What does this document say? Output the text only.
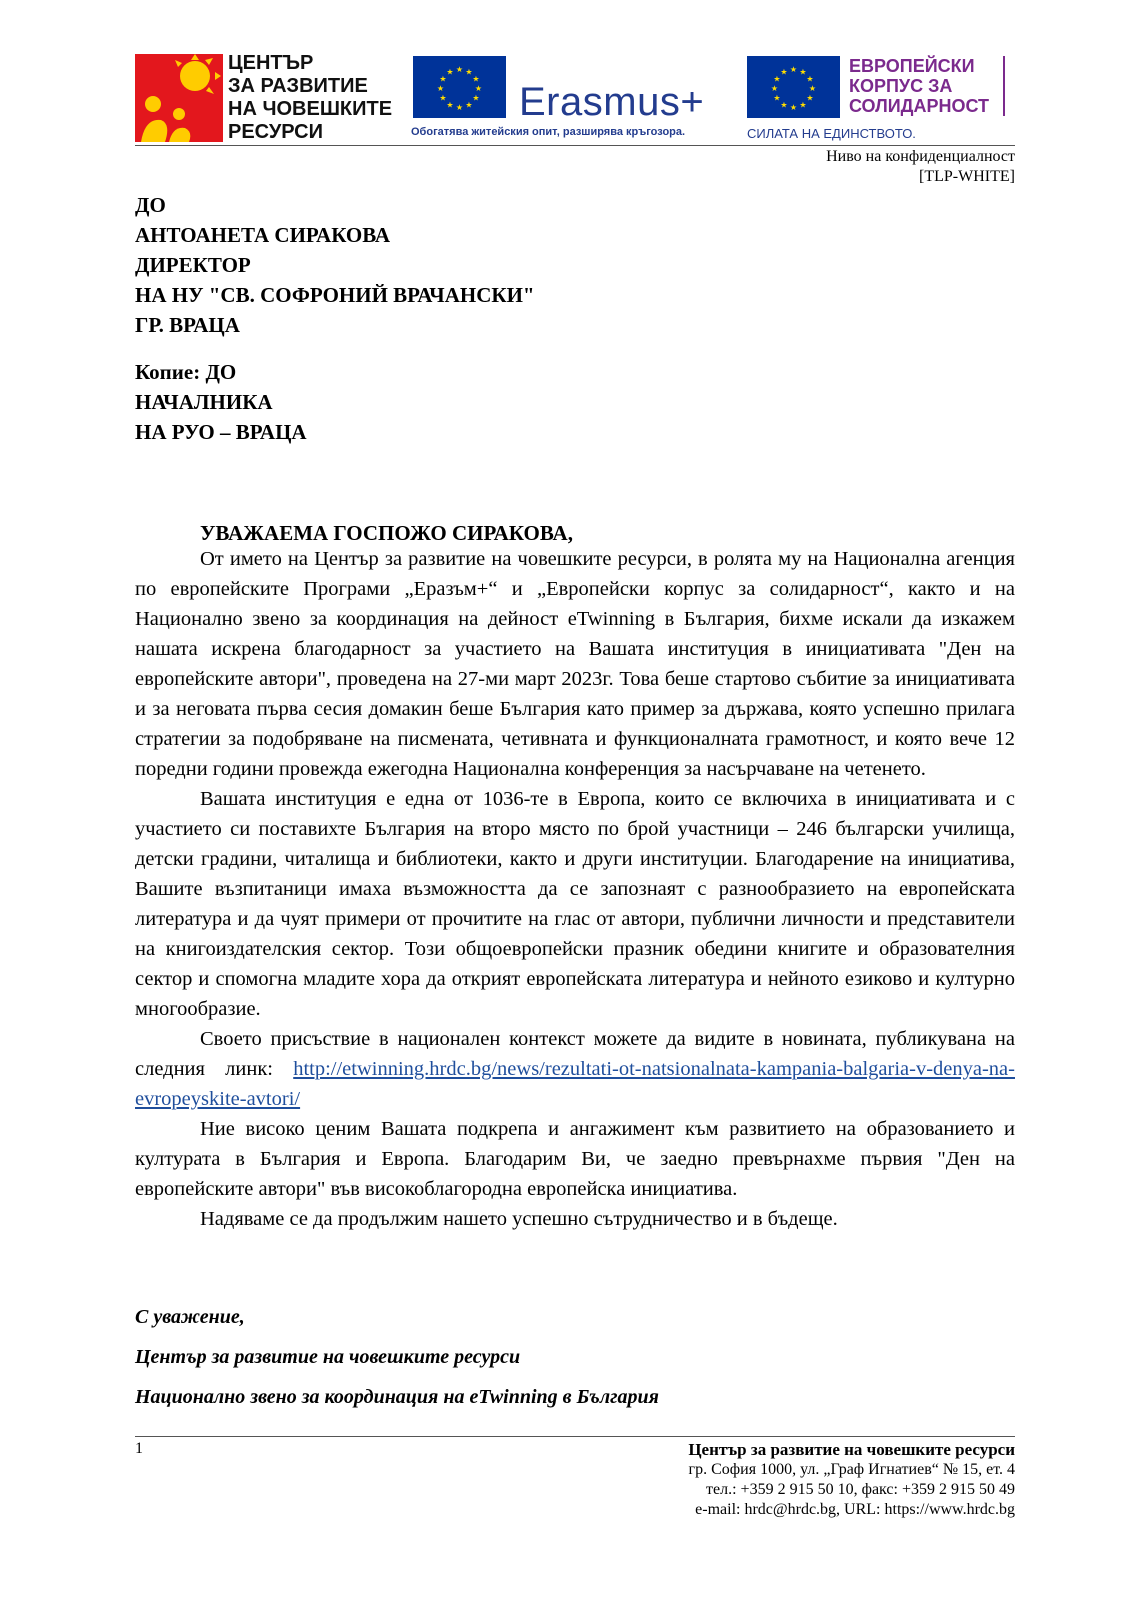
ЦЕНТЪР
ЗА РАЗВИТИЕ
НА ЧОВЕШКИТЕ
РЕСУРСИ
★ ★
★
★
★
★
★
★
★
★
★
★
Erasmus+
Обогатява житейския опит, разширява кръгозора.
★ ★
★
★
★
★
★
★
★
★
★
★	ЕВРОПЕЙСКИ
КОРПУС ЗА
СОЛИДАРНОСТ
СИЛАТА НА ЕДИНСТВОТО.
Ниво на конфиденциалност
[TLP-WHITE]
ДО
АНТОАНЕТА СИРАКОВА
ДИРЕКТОР
НА НУ "СВ. СОФРОНИЙ ВРАЧАНСКИ"
ГР. ВРАЦА
Копие: ДО
НАЧАЛНИКА
НА РУО – ВРАЦА
УВАЖАЕМА ГОСПОЖО СИРАКОВА,

От името на Център за развитие на човешките ресурси, в ролята му на Национална агенция по европейските Програми „Еразъм+“ и „Европейски корпус за солидарност“, както и на Национално звено за координация на дейност eTwinning в България, бихме искали да изкажем нашата искрена благодарност за участието на Вашата институция в инициативата "Ден на европейските автори", проведена на 27-ми март 2023г. Това беше стартово събитие за инициативата и за неговата първа сесия домакин беше България като пример за държава, която успешно прилага стратегии за подобряване на писмената, четивната и функционалната грамотност, и която вече 12 поредни години провежда ежегодна Национална конференция за насърчаване на четенето.

Вашата институция е една от 1036-те в Европа, които се включиха в инициативата и с участието си поставихте България на второ място по брой участници – 246 български училища, детски градини, читалища и библиотеки, както и други институции. Благодарение на инициатива, Вашите възпитаници имаха възможността да се запознаят с разнообразието на европейската литература и да чуят примери от прочитите на глас от автори, публични личности и представители на книгоиздателския сектор. Този общоевропейски празник обедини книгите и образователния сектор и спомогна младите хора да открият европейската литература и нейното езиково и културно многообразие.

Своето присъствие в национален контекст можете да видите в новината, публикувана на следния линк: http://etwinning.hrdc.bg/news/rezultati-ot-natsionalnata-kampania-balgaria-v-denya-na-evropeyskite-avtori/

Ние високо ценим Вашата подкрепа и ангажимент към развитието на образованието и културата в България и Европа. Благодарим Ви, че заедно превърнахме първия "Ден на европейските автори" във високоблагородна европейска инициатива.

Надяваме се да продължим нашето успешно сътрудничество и в бъдеще.

С уважение,
Център за развитие на човешките ресурси
Национално звено за координация на eTwinning в България
1	Център за развитие на човешките ресурси
гр. София 1000, ул. „Граф Игнатиев“ № 15, ет. 4
тел.: +359 2 915 50 10, факс: +359 2 915 50 49
e-mail: hrdc@hrdc.bg, URL: https://www.hrdc.bg
